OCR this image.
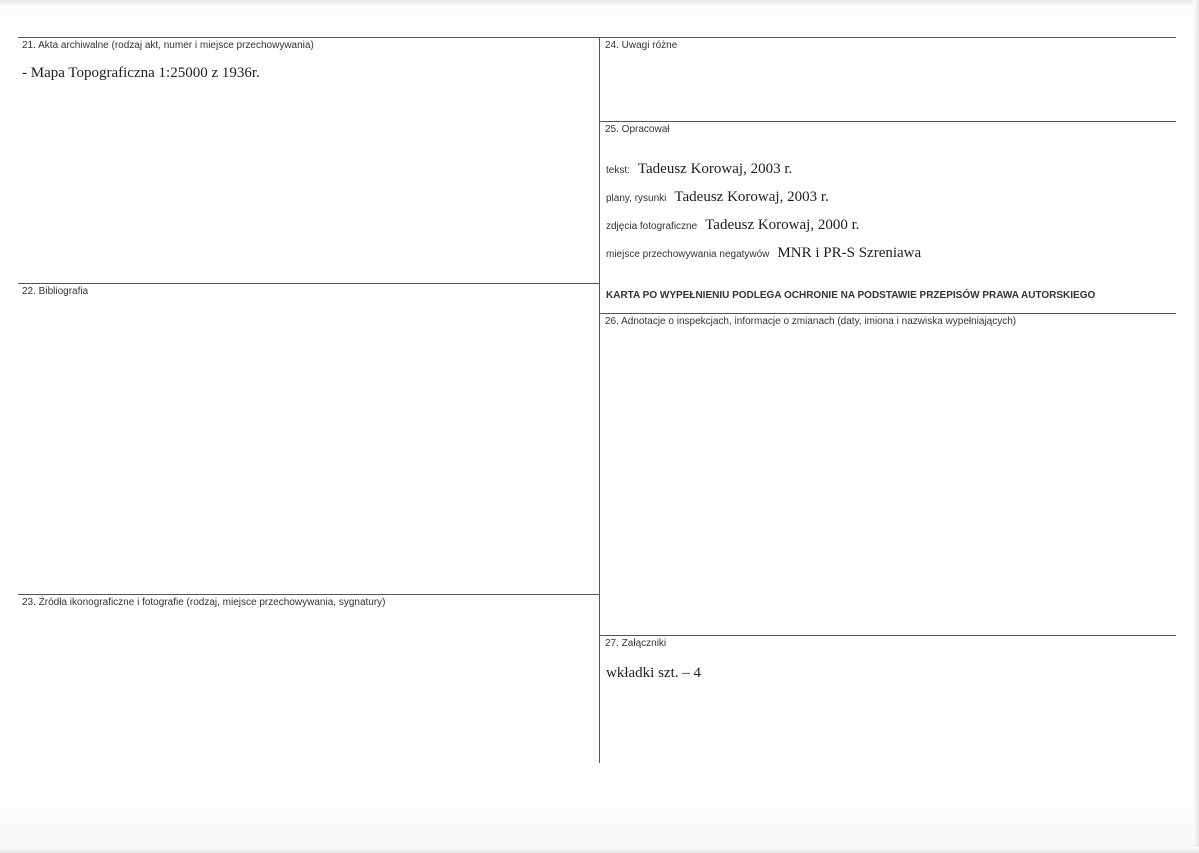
21. Akta archiwalne (rodzaj akt, numer i miejsce przechowywania)
- Mapa Topograficzna 1:25000 z 1936r.
22. Bibliografia
23. Źródła ikonograficzne i fotografie (rodzaj, miejsce przechowywania, sygnatury)
24. Uwagi różne
25. Opracował
tekst: Tadeusz Korowaj, 2003 r.
plany, rysunki Tadeusz Korowaj, 2003 r.
zdjęcia fotograficzne Tadeusz Korowaj, 2000 r.
miejsce przechowywania negatywów MNR i PR-S Szreniawa
KARTA PO WYPEŁNIENIU PODLEGA OCHRONIE NA PODSTAWIE PRZEPISÓW PRAWA AUTORSKIEGO
26. Adnotacje o inspekcjach, informacje o zmianach (daty, imiona i nazwiska wypełniających)
27. Załączniki
wkładki szt. – 4
